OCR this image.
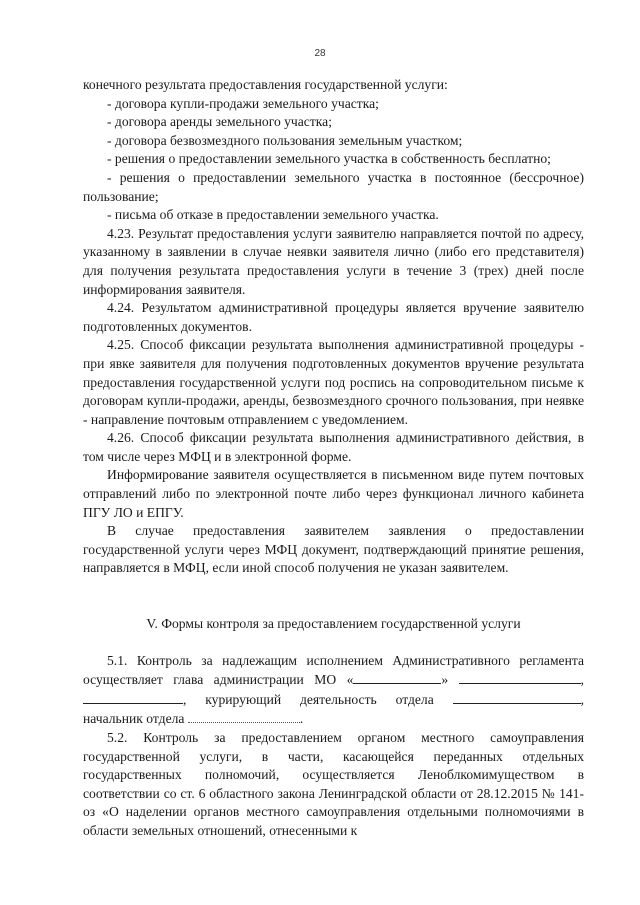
28

конечного результата предоставления государственной услуги:

- договора купли-продажи земельного участка;

- договора аренды земельного участка;

- договора безвозмездного пользования земельным участком;

- решения о предоставлении земельного участка в собственность бесплатно;

- решения о предоставлении земельного участка в постоянное (бессрочное) пользование;

- письма об отказе в предоставлении земельного участка.

4.23. Результат предоставления услуги заявителю направляется почтой по адресу, указанному в заявлении в случае неявки заявителя лично (либо его представителя) для получения результата предоставления услуги в течение 3 (трех) дней после информирования заявителя.

4.24. Результатом административной процедуры является вручение заявителю подготовленных документов.

4.25. Способ фиксации результата выполнения административной процедуры - при явке заявителя для получения подготовленных документов вручение результата предоставления государственной услуги под роспись на сопроводительном письме к договорам купли-продажи, аренды, безвозмездного срочного пользования, при неявке - направление почтовым отправлением с уведомлением.

4.26. Способ фиксации результата выполнения административного действия, в том числе через МФЦ и в электронной форме.

Информирование заявителя осуществляется в письменном виде путем почтовых отправлений либо по электронной почте либо через функционал личного кабинета ПГУ ЛО и ЕПГУ.

В случае предоставления заявителем заявления о предоставлении государственной услуги через МФЦ документ, подтверждающий принятие решения, направляется в МФЦ, если иной способ получения не указан заявителем.

V. Формы контроля за предоставлением государственной услуги

5.1. Контроль за надлежащим исполнением Административного регламента осуществляет глава администрации МО «	»	, , курирующий деятельность отдела	, начальник отдела	.

5.2. Контроль за предоставлением органом местного самоуправления государственной услуги, в части, касающейся переданных отдельных государственных полномочий, осуществляется Леноблкомимуществом в соответствии со ст. 6 областного закона Ленинградской области от 28.12.2015 № 141-оз «О наделении органов местного самоуправления отдельными полномочиями в области земельных отношений, отнесенными к
